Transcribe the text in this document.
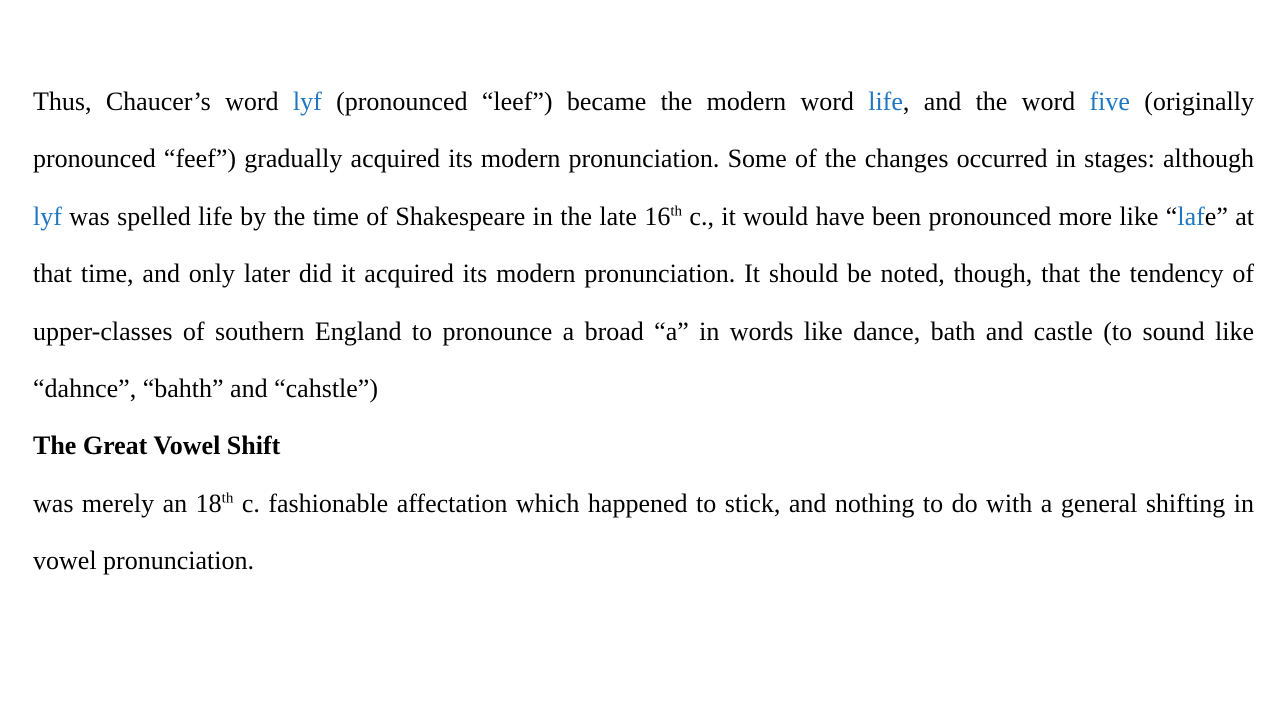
Thus, Chaucer’s word lyf (pronounced “leef”) became the modern word life, and the word five (originally pronounced “feef”) gradually acquired its modern pronunciation. Some of the changes occurred in stages: although lyf was spelled life by the time of Shakespeare in the late 16th c., it would have been pronounced more like “lafe” at that time, and only later did it acquired its modern pronunciation. It should be noted, though, that the tendency of upper-classes of southern England to pronounce a broad “a” in words like dance, bath and castle (to sound like “dahnce”, “bahth” and “cahstle”)

The Great Vowel Shift

was merely an 18th c. fashionable affectation which happened to stick, and nothing to do with a general shifting in vowel pronunciation.
